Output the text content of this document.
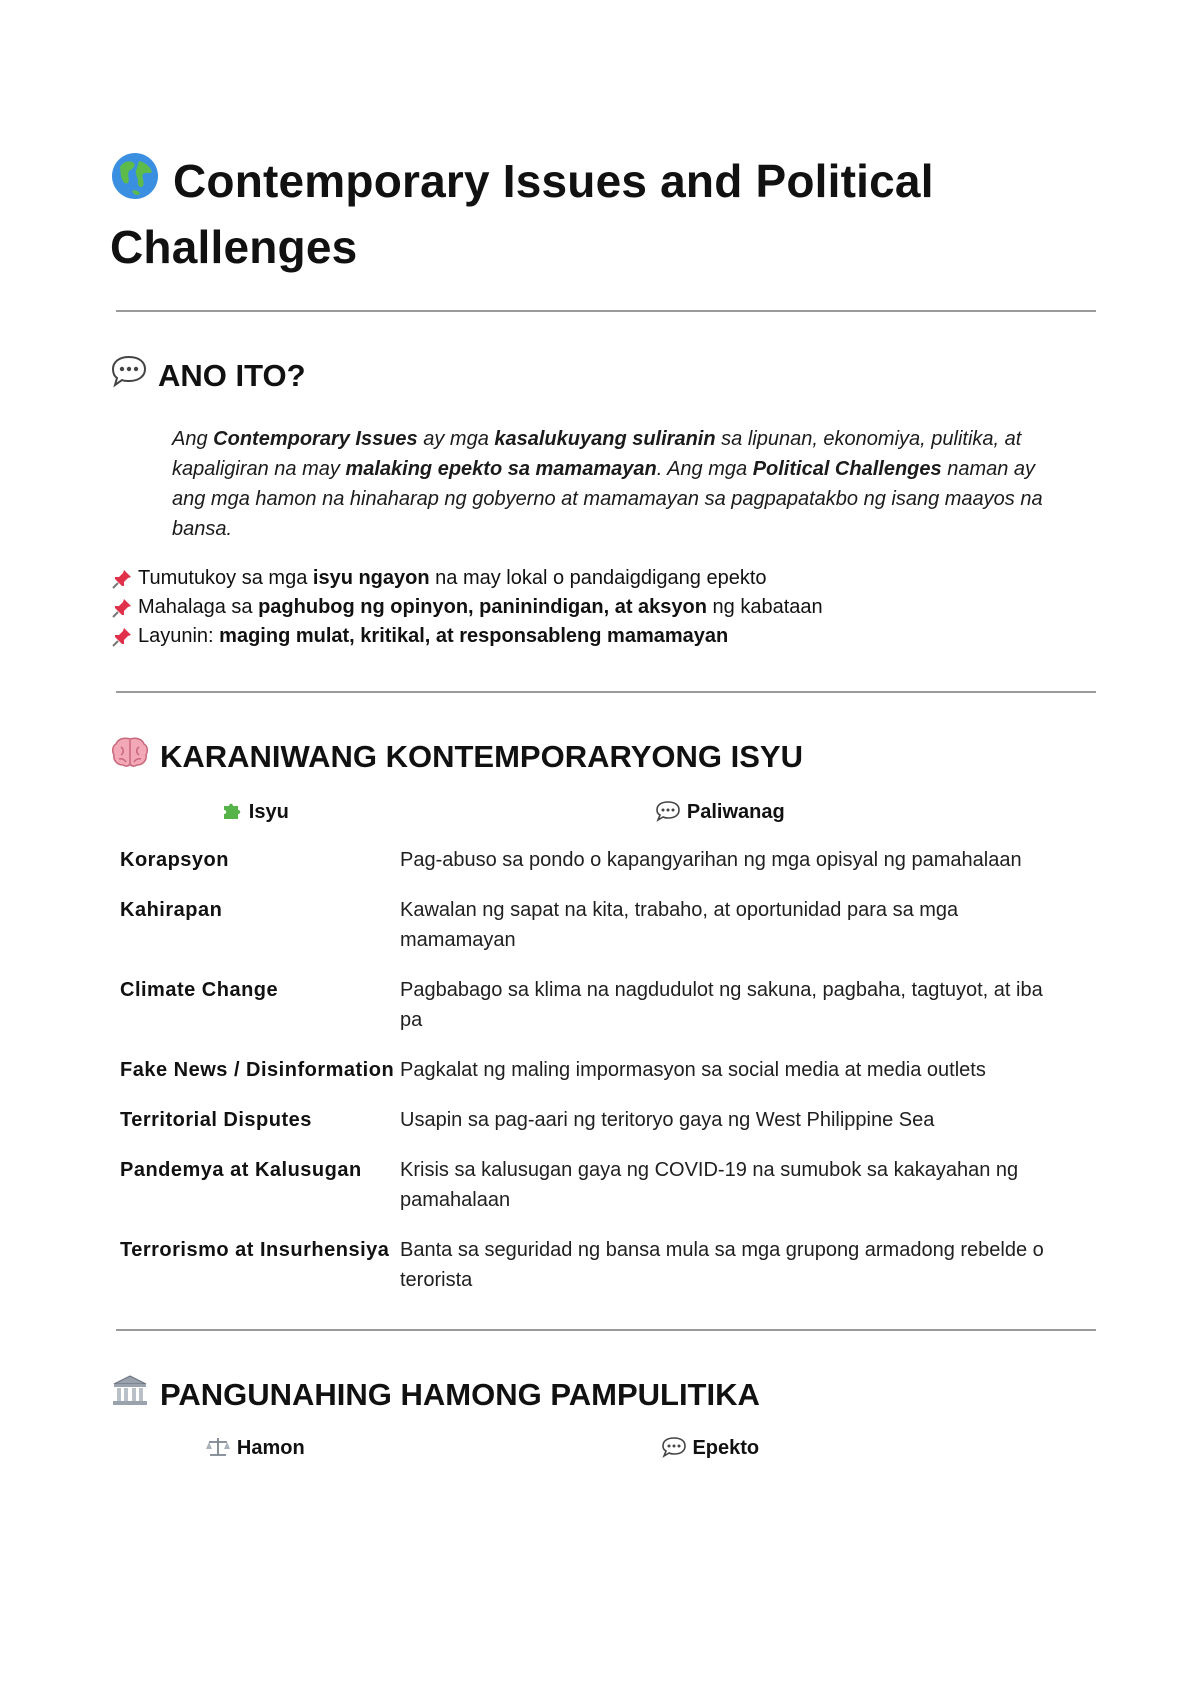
Contemporary Issues and Political
Challenges
ANO ITO?

Ang Contemporary Issues ay mga kasalukuyang suliranin sa lipunan, ekonomiya, pulitika, at kapaligiran na may malaking epekto sa mamamayan. Ang mga Political Challenges naman ay ang mga hamon na hinaharap ng gobyerno at mamamayan sa pagpapatakbo ng isang maayos na bansa.

Tumutukoy sa mga isyu ngayon na may lokal o pandaigdigang epekto
Mahalaga sa paghubog ng opinyon, paninindigan, at aksyon ng kabataan
Layunin: maging mulat, kritikal, at responsableng mamamayan
KARANIWANG KONTEMPORARYONG ISYU
Isyu	Paliwanag

Korapsyon	Pag-abuso sa pondo o kapangyarihan ng mga opisyal ng pamahalaan
Kahirapan	Kawalan ng sapat na kita, trabaho, at oportunidad para sa mga mamamayan
Climate Change	Pagbabago sa klima na nagdudulot ng sakuna, pagbaha, tagtuyot, at iba pa
Fake News / Disinformation	Pagkalat ng maling impormasyon sa social media at media outlets
Territorial Disputes	Usapin sa pag-aari ng teritoryo gaya ng West Philippine Sea
Pandemya at Kalusugan	Krisis sa kalusugan gaya ng COVID-19 na sumubok sa kakayahan ng pamahalaan
Terrorismo at Insurhensiya	Banta sa seguridad ng bansa mula sa mga grupong armadong rebelde o terorista
PANGUNAHING HAMONG PAMPULITIKA
Hamon	Epekto
